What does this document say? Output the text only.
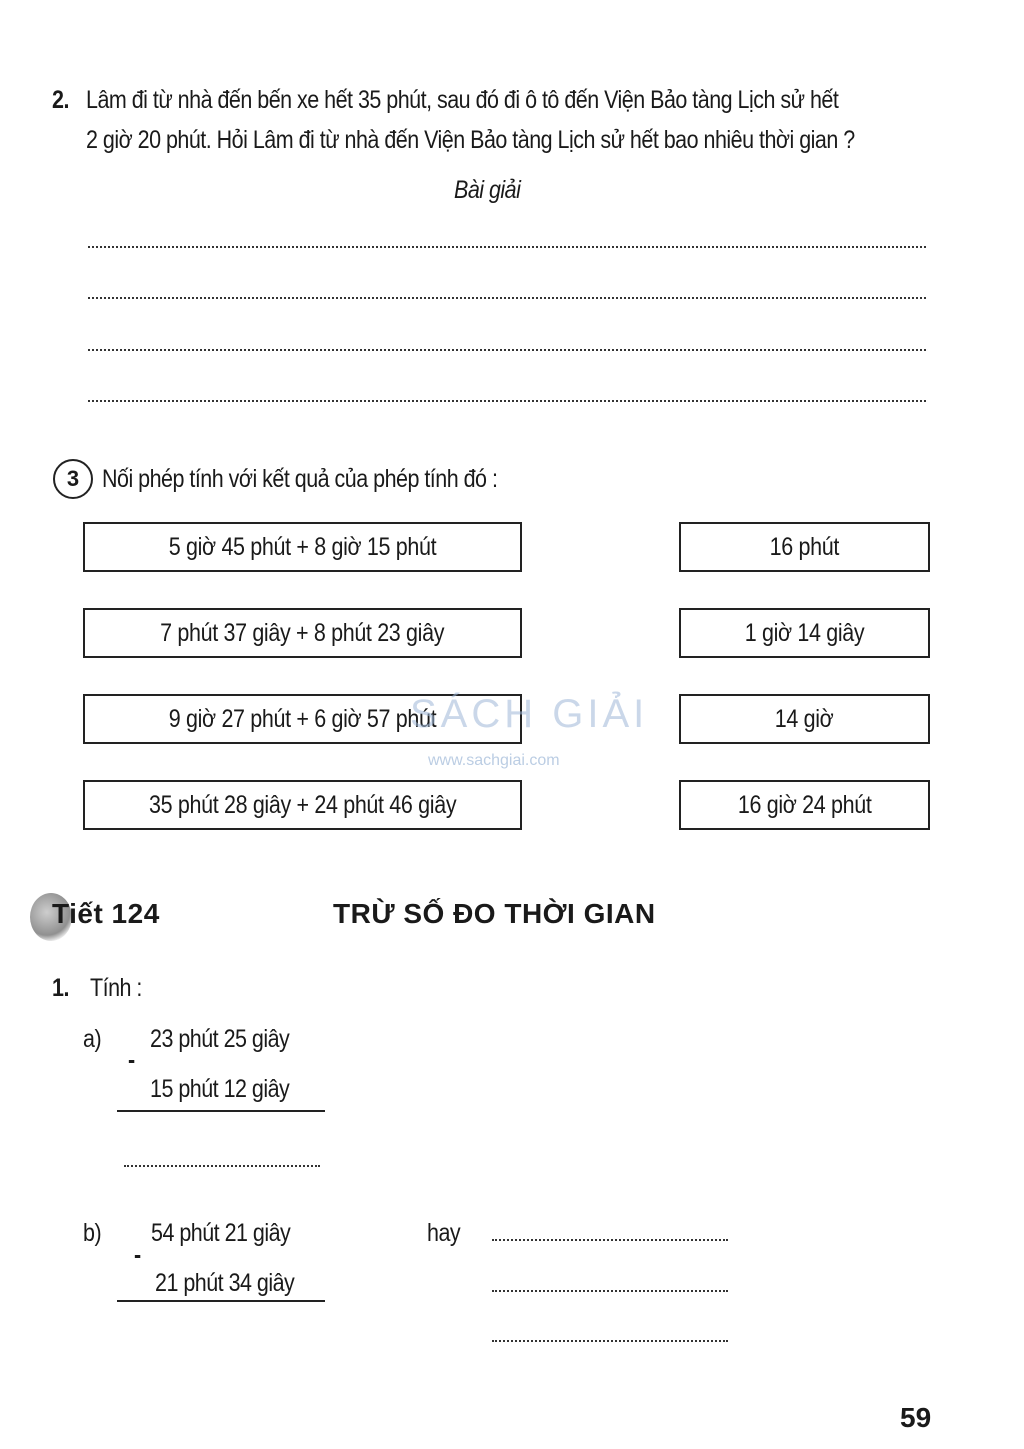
2. Lâm đi từ nhà đến bến xe hết 35 phút, sau đó đi ô tô đến Viện Bảo tàng Lịch sử hết
2 giờ 20 phút. Hỏi Lâm đi từ nhà đến Viện Bảo tàng Lịch sử hết bao nhiêu thời gian ?
Bài giải
3 Nối phép tính với kết quả của phép tính đó :
5 giờ 45 phút + 8 giờ 15 phút
7 phút 37 giây + 8 phút 23 giây
9 giờ 27 phút + 6 giờ 57 phút
35 phút 28 giây + 24 phút 46 giây
16 phút
1 giờ 14 giây
14 giờ
16 giờ 24 phút
SÁCH GIẢI
www.sachgiai.com
Tiết 124	TRỪ SỐ ĐO THỜI GIAN
1. Tính :
a)
-
23 phút 25 giây
15 phút 12 giây
b)
-
54 phút 21 giây
21 phút 34 giây
hay
59
